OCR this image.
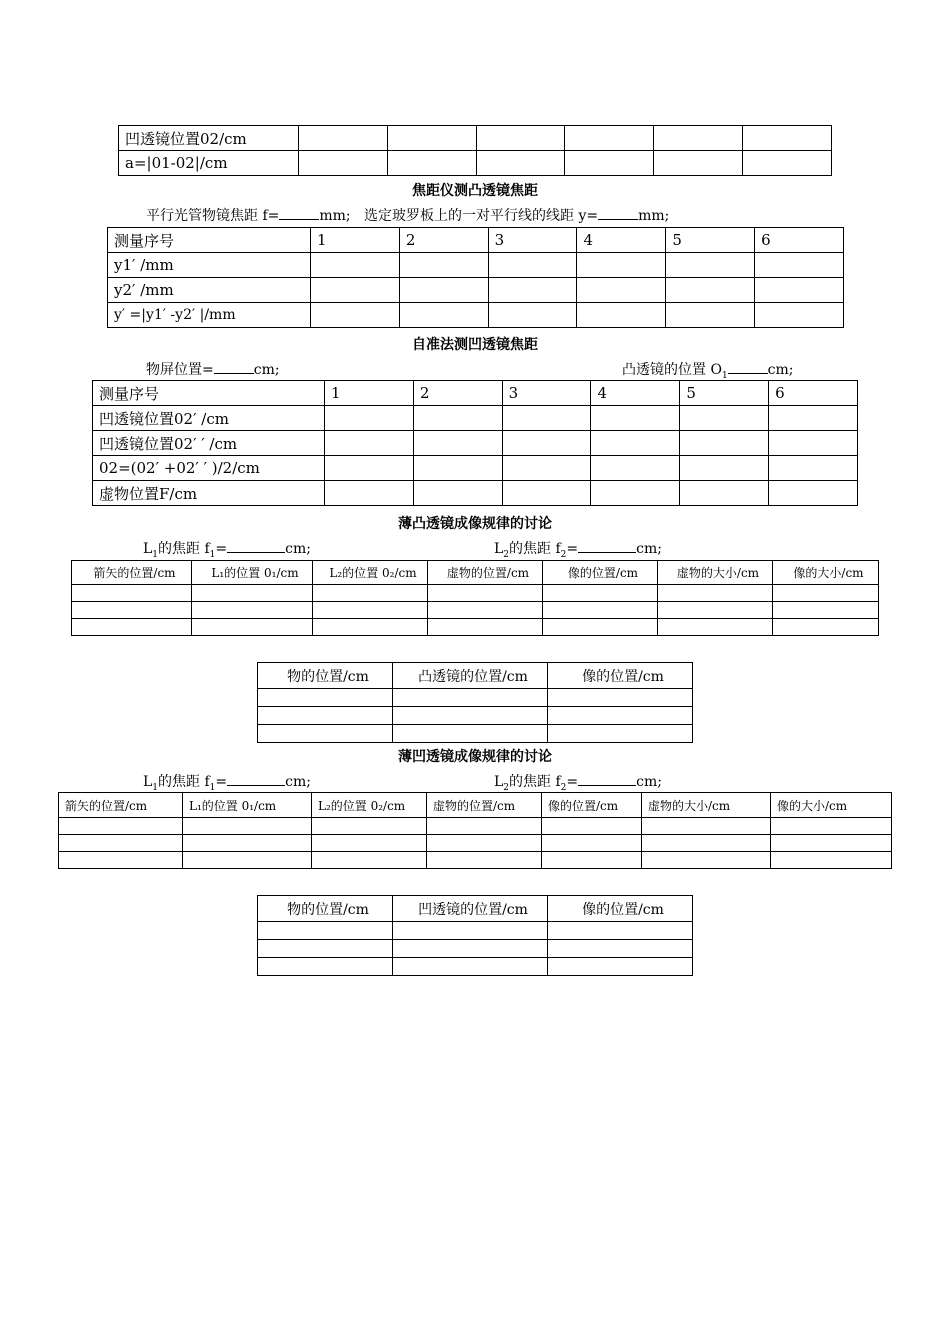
凹透镜位置02/cm						
a=|01-02|/cm						
焦距仪测凸透镜焦距
平行光管物镜焦距 f=	mm; 选定玻罗板上的一对平行线的线距 y=	mm;
测量序号	1	2	3	4	5	6
y1′ /mm						
y2′ /mm						
y′ =|y1′ -y2′ |/mm						
自准法测凹透镜焦距
物屏位置=	cm;	凸透镜的位置 $O_1$	cm;
测量序号	1	2	3	4	5	6
凹透镜位置02′ /cm						
凹透镜位置02′ ′ /cm						
02=(02′ +02′ ′ )/2/cm						
虚物位置F/cm						
薄凸透镜成像规律的讨论
$L_1$的焦距 $f_1=$	cm;	$L_2$的焦距 $f_2=$	cm;
箭矢的位置/cm	L₁的位置 0₁/cm	L₂的位置 0₂/cm	虚物的位置/cm	像的位置/cm	虚物的大小/cm	像的大小/cm

物的位置/cm	凸透镜的位置/cm	像的位置/cm

薄凹透镜成像规律的讨论
$L_1$的焦距 $f_1=$	cm;	$L_2$的焦距 $f_2=$	cm;
箭矢的位置/cm	L₁的位置 0₁/cm	L₂的位置 0₂/cm	虚物的位置/cm	像的位置/cm	虚物的大小/cm	像的大小/cm

物的位置/cm	凹透镜的位置/cm	像的位置/cm
